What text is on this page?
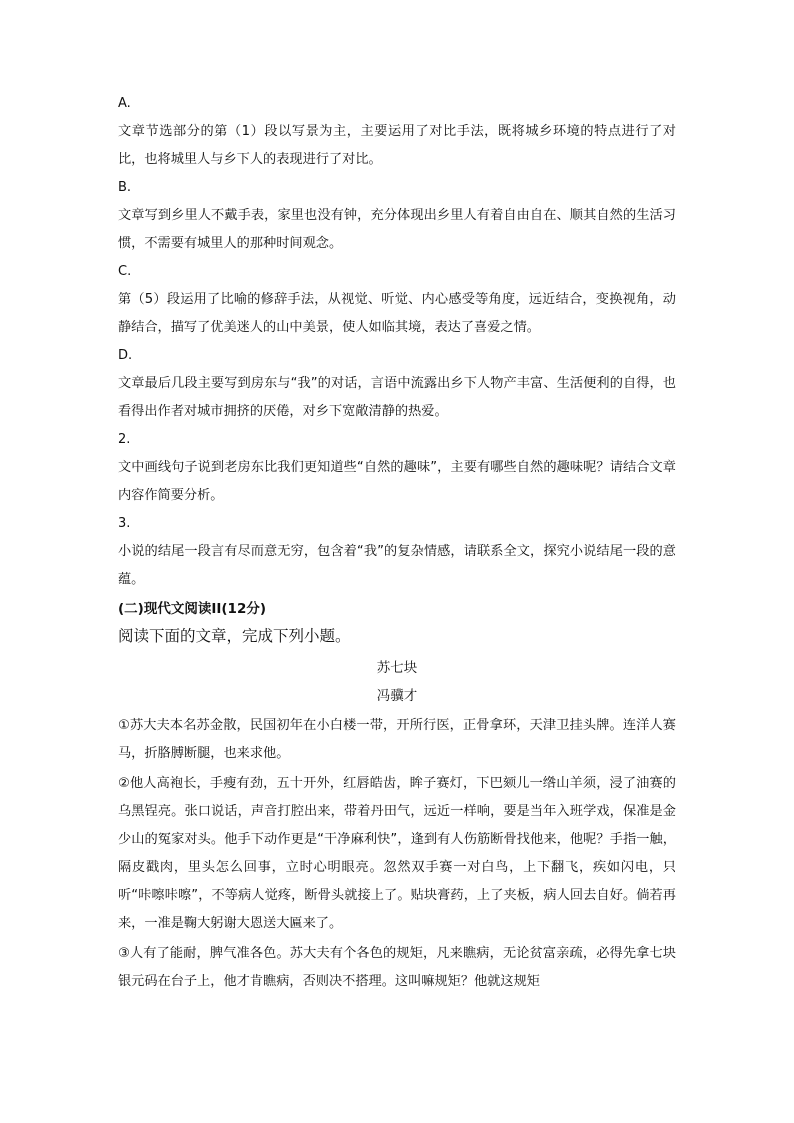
A.
文章节选部分的第（1）段以写景为主，主要运用了对比手法，既将城乡环境的特点进行了对比，也将城里人与乡下人的表现进行了对比。
B.
文章写到乡里人不戴手表，家里也没有钟，充分体现出乡里人有着自由自在、顺其自然的生活习惯，不需要有城里人的那种时间观念。
C.
第（5）段运用了比喻的修辞手法，从视觉、听觉、内心感受等角度，远近结合，变换视角，动静结合，描写了优美迷人的山中美景，使人如临其境，表达了喜爱之情。
D.
文章最后几段主要写到房东与“我”的对话，言语中流露出乡下人物产丰富、生活便利的自得，也看得出作者对城市拥挤的厌倦，对乡下宽敞清静的热爱。
2.
文中画线句子说到老房东比我们更知道些“自然的趣味”，主要有哪些自然的趣味呢？请结合文章内容作简要分析。
3.
小说的结尾一段言有尽而意无穷，包含着“我”的复杂情感，请联系全文，探究小说结尾一段的意蕴。
(二)现代文阅读II(12分)
阅读下面的文章，完成下列小题。
苏七块
冯骥才
①苏大夫本名苏金散，民国初年在小白楼一带，开所行医，正骨拿环，天津卫挂头牌。连洋人赛马，折胳膊断腿，也来求他。
②他人高袍长，手瘦有劲，五十开外，红唇皓齿，眸子赛灯，下巴颏儿一绺山羊须，浸了油赛的乌黑锃亮。张口说话，声音打腔出来，带着丹田气，远近一样响，要是当年入班学戏，保准是金少山的冤家对头。他手下动作更是“干净麻利快”，逢到有人伤筋断骨找他来，他呢？手指一触，隔皮戳肉，里头怎么回事，立时心明眼亮。忽然双手赛一对白鸟，上下翻飞，疾如闪电，只听“咔嚓咔嚓”，不等病人觉疼，断骨头就接上了。贴块膏药，上了夹板，病人回去自好。倘若再来，一准是鞠大躬谢大恩送大匾来了。
③人有了能耐，脾气准各色。苏大夫有个各色的规矩，凡来瞧病，无论贫富亲疏，必得先拿七块银元码在台子上，他才肯瞧病，否则决不搭理。这叫嘛规矩？他就这规矩
